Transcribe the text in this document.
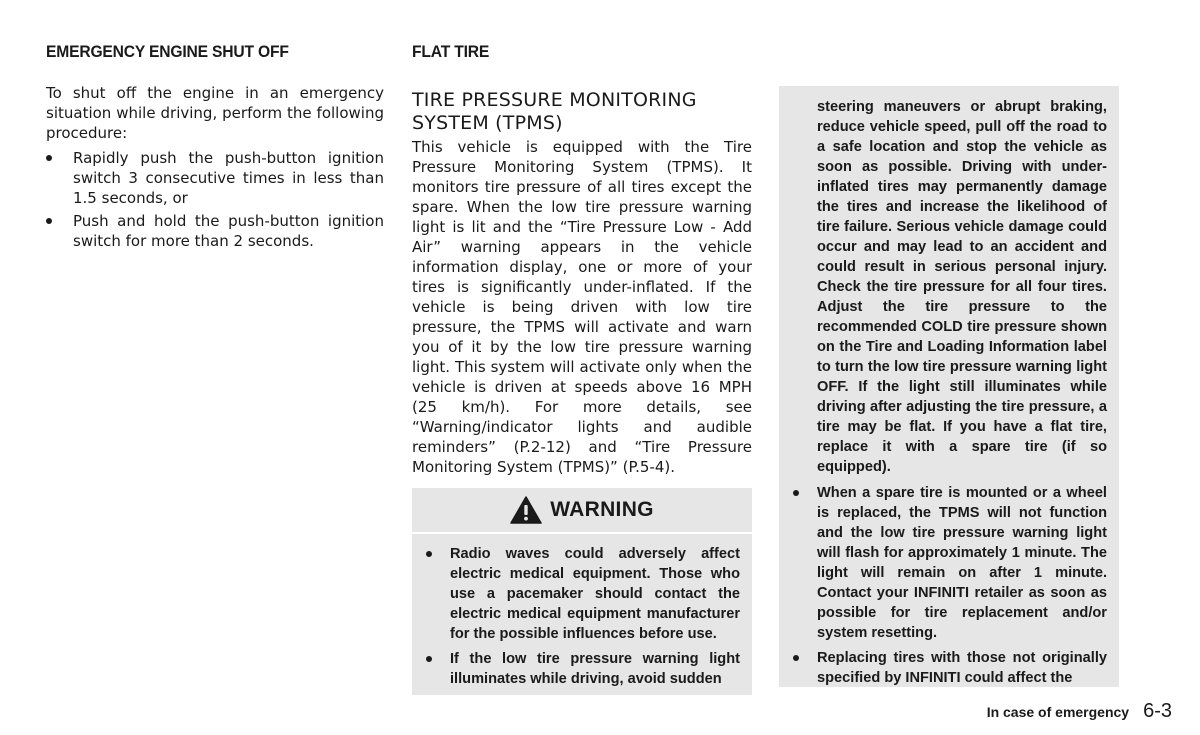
EMERGENCY ENGINE SHUT OFF

To shut off the engine in an emergency situation while driving, perform the following procedure:

Rapidly push the push-button ignition switch 3 consecutive times in less than 1.5 seconds, or
Push and hold the push-button ignition switch for more than 2 seconds.
FLAT TIRE
TIRE PRESSURE MONITORING SYSTEM (TPMS)

This vehicle is equipped with the Tire Pressure Monitoring System (TPMS). It monitors tire pressure of all tires except the spare. When the low tire pressure warning light is lit and the “Tire Pressure Low - Add Air” warning appears in the vehicle information display, one or more of your tires is significantly under-inflated. If the vehicle is being driven with low tire pressure, the TPMS will activate and warn you of it by the low tire pressure warning light. This system will activate only when the vehicle is driven at speeds above 16 MPH (25 km/h). For more details, see “Warning/indicator lights and audible reminders” (P.2-12) and “Tire Pressure Monitoring System (TPMS)” (P.5-4).

WARNING
Radio waves could adversely affect electric medical equipment. Those who use a pacemaker should contact the electric medical equipment manufacturer for the possible influences before use.
If the low tire pressure warning light illuminates while driving, avoid sudden

steering maneuvers or abrupt braking, reduce vehicle speed, pull off the road to a safe location and stop the vehicle as soon as possible. Driving with under-inflated tires may permanently damage the tires and increase the likelihood of tire failure. Serious vehicle damage could occur and may lead to an accident and could result in serious personal injury. Check the tire pressure for all four tires. Adjust the tire pressure to the recommended COLD tire pressure shown on the Tire and Loading Information label to turn the low tire pressure warning light OFF. If the light still illuminates while driving after adjusting the tire pressure, a tire may be flat. If you have a flat tire, replace it with a spare tire (if so equipped).

When a spare tire is mounted or a wheel is replaced, the TPMS will not function and the low tire pressure warning light will flash for approximately 1 minute. The light will remain on after 1 minute. Contact your INFINITI retailer as soon as possible for tire replacement and/or system resetting.
Replacing tires with those not originally specified by INFINITI could affect the
In case of emergency 6-3
